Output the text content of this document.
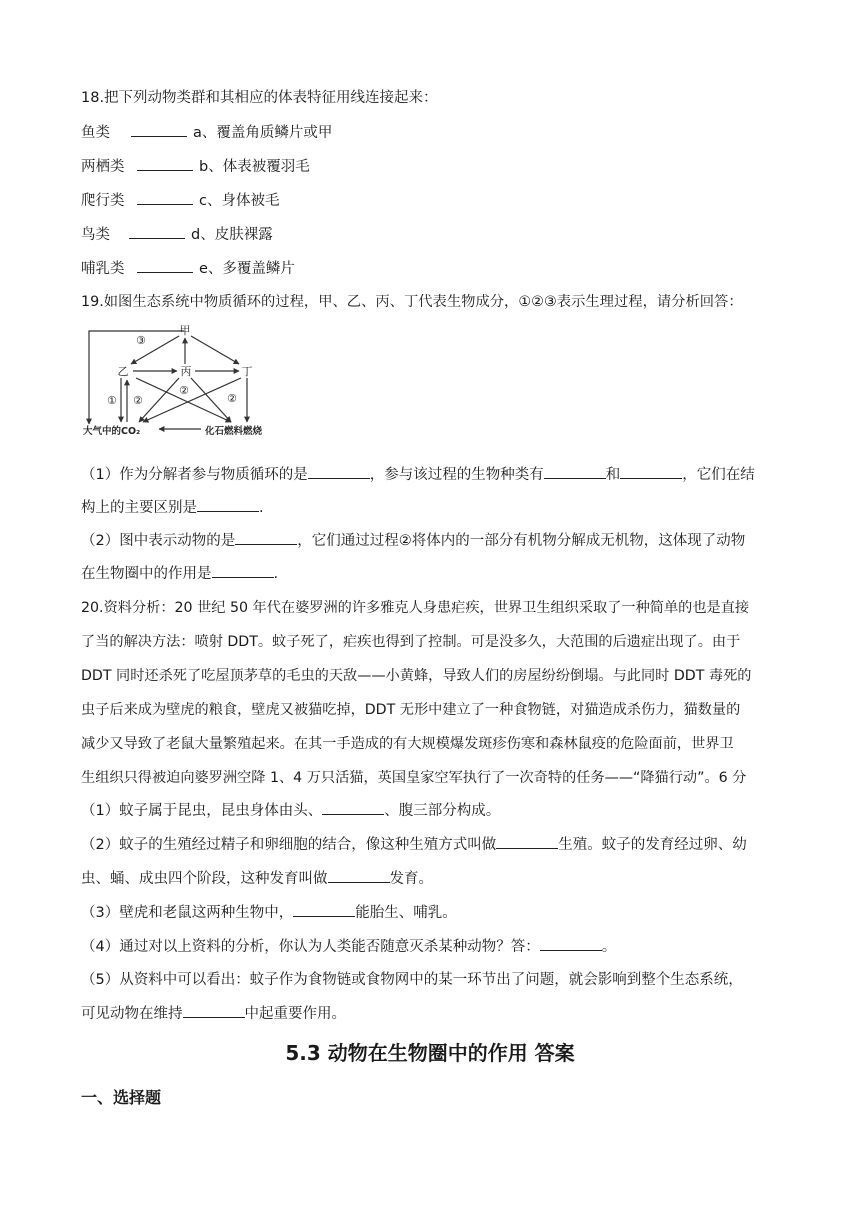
18.把下列动物类群和其相应的体表特征用线连接起来：
鱼类	a、覆盖角质鳞片或甲
两栖类	b、体表被覆羽毛
爬行类	c、身体被毛
鸟类	d、皮肤裸露
哺乳类	e、多覆盖鳞片
19.如图生态系统中物质循环的过程，甲、乙、丙、丁代表生物成分，①②③表示生理过程，请分析回答：
甲
乙	丙	丁
③
① ②
②
②
大气中的CO₂	化石燃料燃烧
（1）作为分解者参与物质循环的是	，参与该过程的生物种类有	和	，它们在结
构上的主要区别是	.
（2）图中表示动物的是	，它们通过过程②将体内的一部分有机物分解成无机物，这体现了动物
在生物圈中的作用是	.
20.资料分析：20 世纪 50 年代在婆罗洲的许多雅克人身患疟疾，世界卫生组织采取了一种简单的也是直接
了当的解决方法：喷射 DDT。蚊子死了，疟疾也得到了控制。可是没多久，大范围的后遗症出现了。由于
DDT 同时还杀死了吃屋顶茅草的毛虫的天敌——小黄蜂，导致人们的房屋纷纷倒塌。与此同时 DDT 毒死的
虫子后来成为壁虎的粮食，壁虎又被猫吃掉，DDT 无形中建立了一种食物链，对猫造成杀伤力，猫数量的
减少又导致了老鼠大量繁殖起来。在其一手造成的有大规模爆发斑疹伤寒和森林鼠疫的危险面前，世界卫
生组织只得被迫向婆罗洲空降 1、4 万只活猫，英国皇家空军执行了一次奇特的任务——“降猫行动”。6 分
（1）蚊子属于昆虫，昆虫身体由头、	、腹三部分构成。
（2）蚊子的生殖经过精子和卵细胞的结合，像这种生殖方式叫做	生殖。蚊子的发育经过卵、幼
虫、蛹、成虫四个阶段，这种发育叫做	发育。
（3）壁虎和老鼠这两种生物中，	能胎生、哺乳。
（4）通过对以上资料的分析，你认为人类能否随意灭杀某种动物？答：	。
（5）从资料中可以看出：蚊子作为食物链或食物网中的某一环节出了问题，就会影响到整个生态系统，
可见动物在维持	中起重要作用。
5.3 动物在生物圈中的作用 答案
一、选择题
